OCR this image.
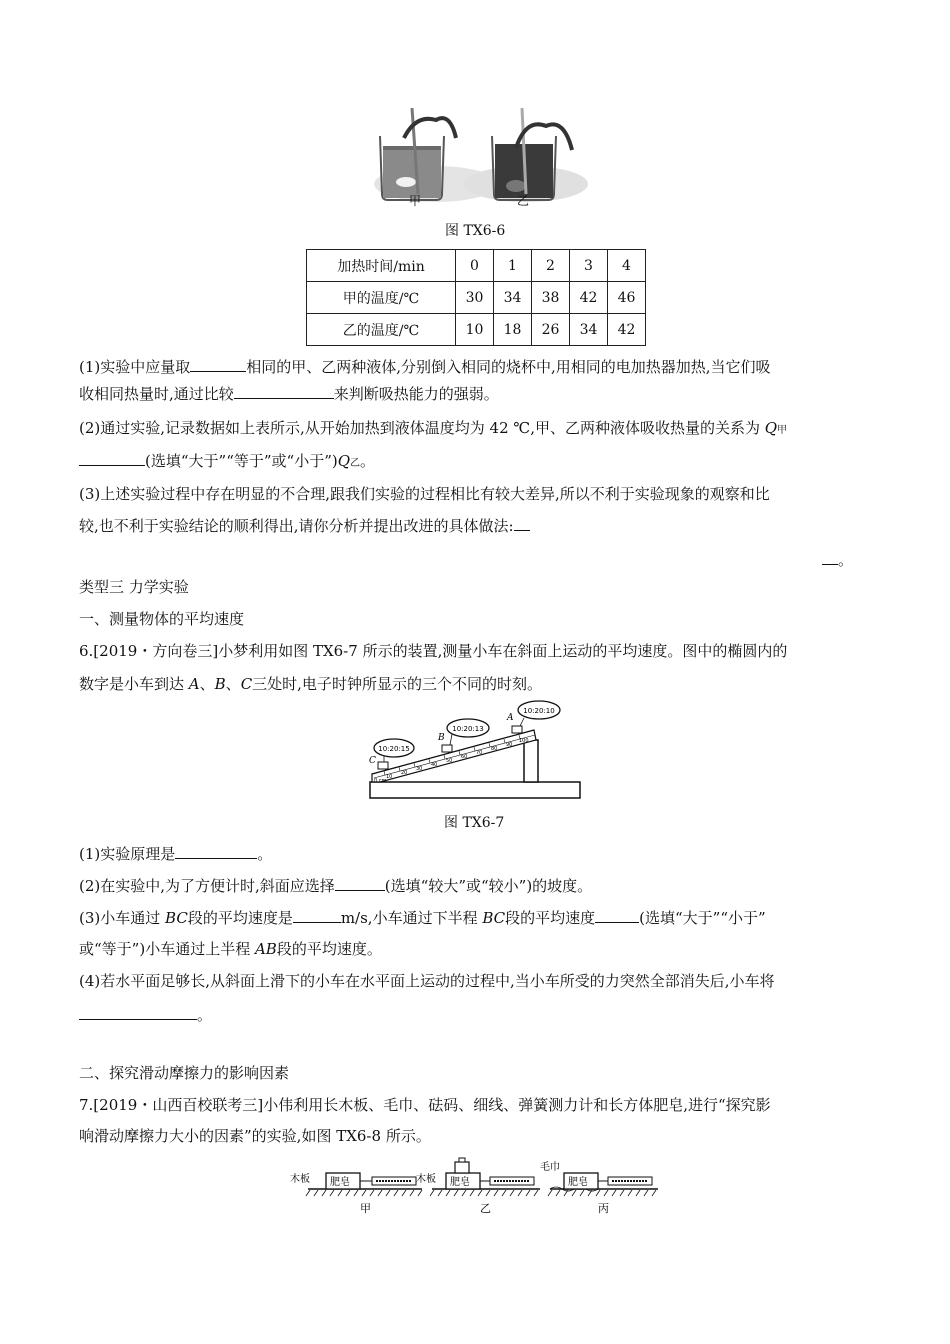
甲	乙
图 TX6-6
加热时间∕min	0	1	2	3	4
甲的温度∕℃	30	34	38	42	46
乙的温度∕℃	10	18	26	34	42
(1)实验中应量取	相同的甲、乙两种液体,分别倒入相同的烧杯中,用相同的电加热器加热,当它们吸
收相同热量时,通过比较	来判断吸热能力的强弱。
(2)通过实验,记录数据如上表所示,从开始加热到液体温度均为 42 ℃,甲、乙两种液体吸收热量的关系为 Q甲
(选填“大于”“等于”或“小于”)Q乙。
(3)上述实验过程中存在明显的不合理,跟我们实验的过程相比有较大差异,所以不利于实验现象的观察和比
较,也不利于实验结论的顺利得出,请你分析并提出改进的具体做法:
。
类型三 力学实验
一、测量物体的平均速度
6.[2019・方向卷三]小梦利用如图 TX6-7 所示的装置,测量小车在斜面上运动的平均速度。图中的椭圆内的
数字是小车到达 A、B、C三处时,电子时钟所显示的三个不同的时刻。
0 cm
10
20
30
40
50
60
70
80
90
100
10:20:15
10:20:13
10:20:10
C
B
A
图 TX6-7
(1)实验原理是	。
(2)在实验中,为了方便计时,斜面应选择	(选填“较大”或“较小”)的坡度。
(3)小车通过 BC段的平均速度是	m/s,小车通过下半程 BC段的平均速度	(选填“大于”“小于”
或“等于”)小车通过上半程 AB段的平均速度。
(4)若水平面足够长,从斜面上滑下的小车在水平面上运动的过程中,当小车所受的力突然全部消失后,小车将
。
二、探究滑动摩擦力的影响因素
7.[2019・山西百校联考三]小伟利用长木板、毛巾、砝码、细线、弹簧测力计和长方体肥皂,进行“探究影
响滑动摩擦力大小的因素”的实验,如图 TX6-8 所示。
木板 肥皂
甲
木板 肥皂
乙
毛巾
肥皂
丙
